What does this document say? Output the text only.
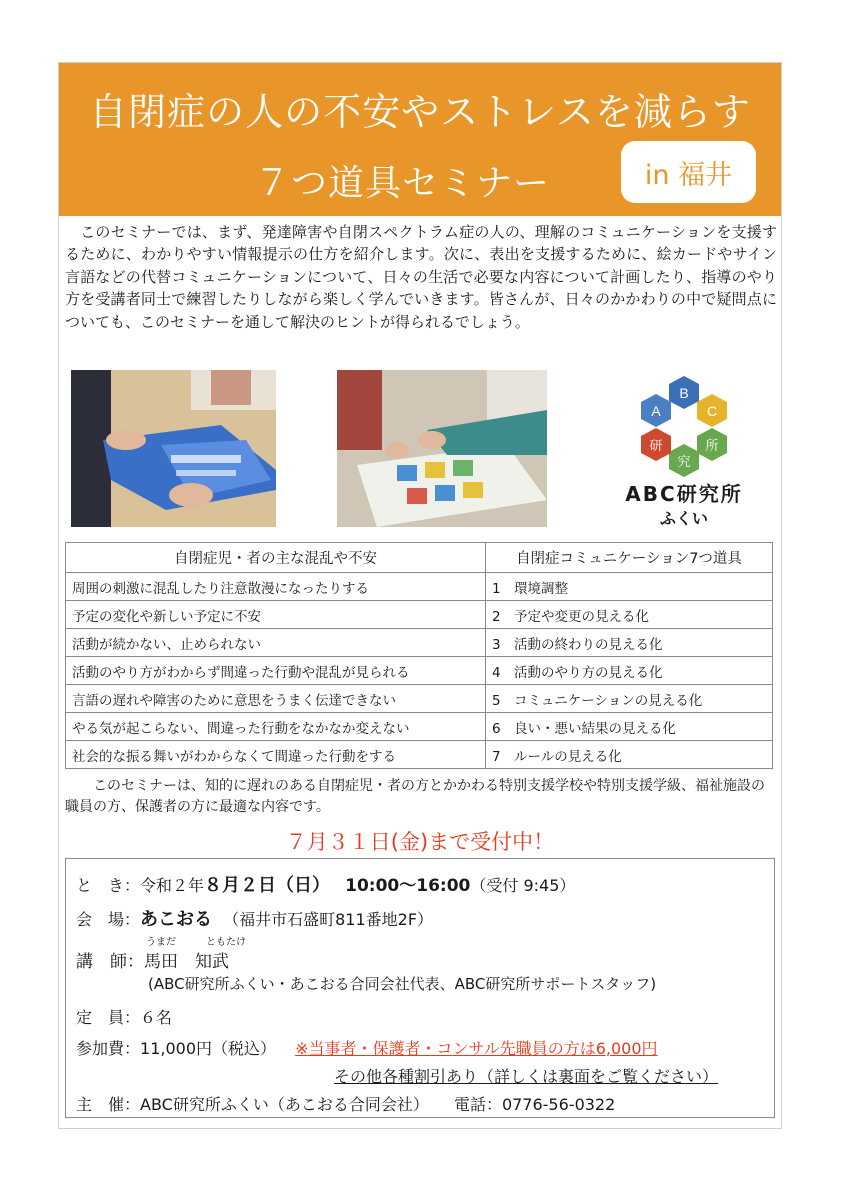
自閉症の人の不安やストレスを減らす
７つ道具セミナー	in 福井
　このセミナーでは、まず、発達障害や自閉スペクトラム症の人の、理解のコミュニケーションを支援するために、わかりやすい情報提示の仕方を紹介します。次に、表出を支援するために、絵カードやサイン言語などの代替コミュニケーションについて、日々の生活で必要な内容について計画したり、指導のやり方を受講者同士で練習したりしながら楽しく学んでいきます。皆さんが、日々のかかわりの中で疑問点についても、このセミナーを通して解決のヒントが得られるでしょう。
B
C
所
究
研
A
ABC研究所
ふくい
自閉症児・者の主な混乱や不安	自閉症コミュニケーション7つ道具
周囲の刺激に混乱したり注意散漫になったりする	1 環境調整
予定の変化や新しい予定に不安	2 予定や変更の見える化
活動が続かない、止められない	3 活動の終わりの見える化
活動のやり方がわからず間違った行動や混乱が見られる	4 活動のやり方の見える化
言語の遅れや障害のために意思をうまく伝達できない	5 コミュニケーションの見える化
やる気が起こらない、間違った行動をなかなか変えない	6 良い・悪い結果の見える化
社会的な振る舞いがわからなくて間違った行動をする	7 ルールの見える化
このセミナーは、知的に遅れのある自閉症児・者の方とかかわる特別支援学校や特別支援学級、福祉施設の職員の方、保護者の方に最適な内容です。
７月３１日(金)まで受付中！
と　き：令和２年８月２日（日） 10:00〜16:00（受付 9:45）
会　場：あこおる （福井市石盛町811番地2F）
うまだ	ともたけ
講　師：馬田　知武
(ABC研究所ふくい・あこおる合同会社代表、ABC研究所サポートスタッフ)
定　員：６名
参加費：11,000円（税込） ※当事者・保護者・コンサル先職員の方は6,000円
その他各種割引あり（詳しくは裏面をご覧ください）
主　催：ABC研究所ふくい（あこおる合同会社） 電話：0776-56-0322
